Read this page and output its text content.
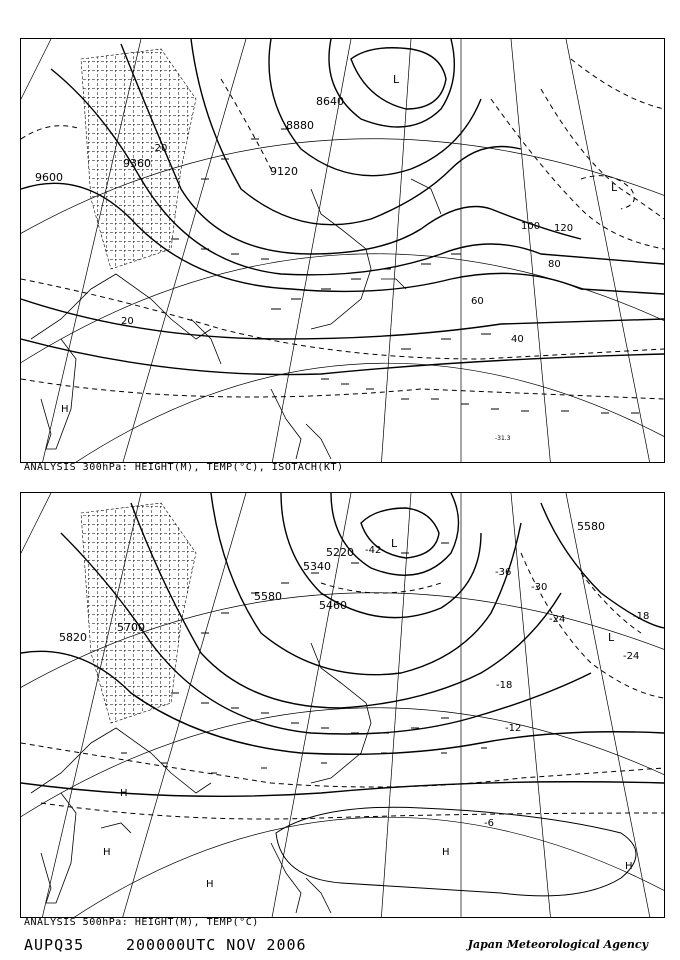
9600
9360
9120
8880
8640
20
40
60
80
100 120
-20
-31.3
L
L
H
ANALYSIS 300hPa: HEIGHT(M), TEMP(°C), ISOTACH(KT)
5820
5700
5580
5460
5340
5220
5580
-42
-36
-30
-24	-18
-24
-18
-12
-6
L
L
H
H
H
H
H
ANALYSIS 500hPa: HEIGHT(M), TEMP(°C)
AUPQ35	200000UTC NOV 2006	Japan Meteorological Agency
